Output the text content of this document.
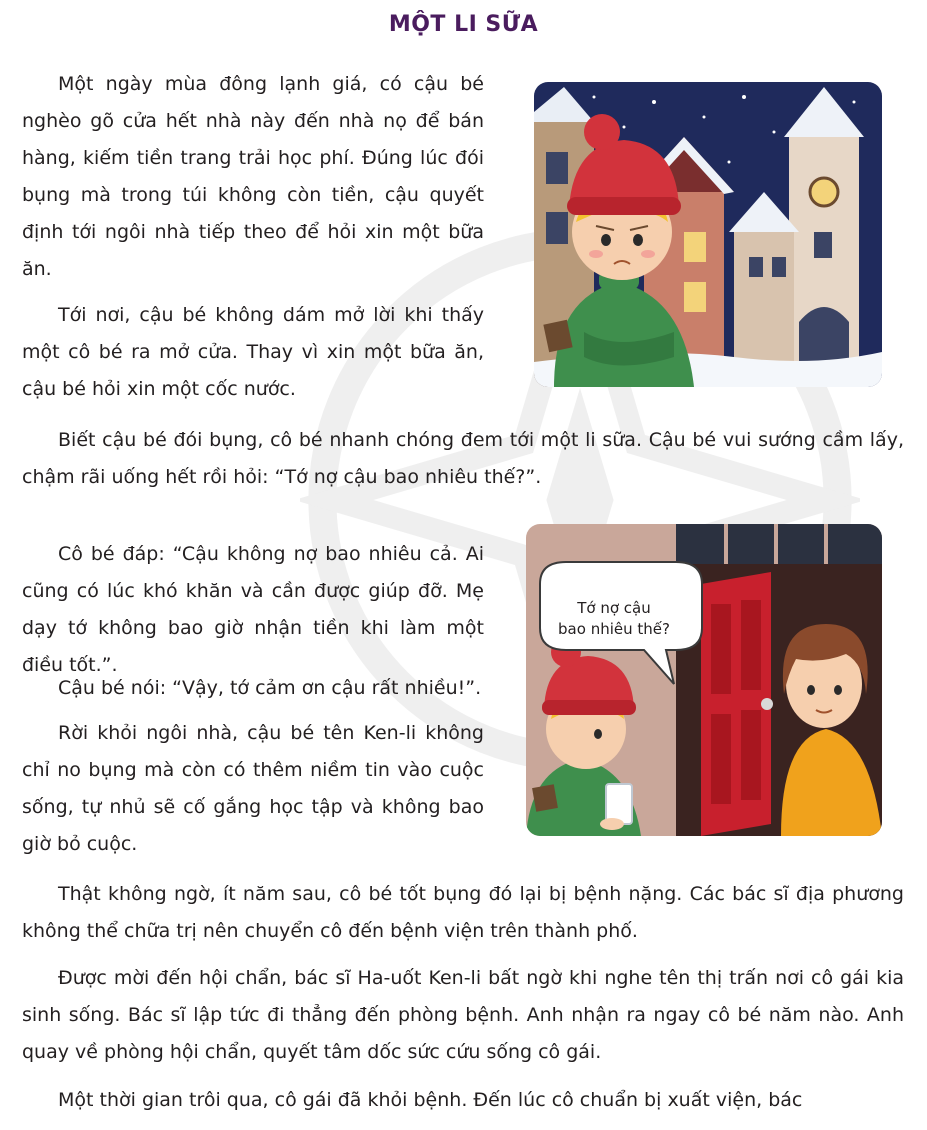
MỘT LI SỮA

Một ngày mùa đông lạnh giá, có cậu bé nghèo gõ cửa hết nhà này đến nhà nọ để bán hàng, kiếm tiền trang trải học phí. Đúng lúc đói bụng mà trong túi không còn tiền, cậu quyết định tới ngôi nhà tiếp theo để hỏi xin một bữa ăn.

Tới nơi, cậu bé không dám mở lời khi thấy một cô bé ra mở cửa. Thay vì xin một bữa ăn, cậu bé hỏi xin một cốc nước.

Biết cậu bé đói bụng, cô bé nhanh chóng đem tới một li sữa. Cậu bé vui sướng cầm lấy, chậm rãi uống hết rồi hỏi: “Tớ nợ cậu bao nhiêu thế?”.

Cô bé đáp: “Cậu không nợ bao nhiêu cả. Ai cũng có lúc khó khăn và cần được giúp đỡ. Mẹ dạy tớ không bao giờ nhận tiền khi làm một điều tốt.”.

Cậu bé nói: “Vậy, tớ cảm ơn cậu rất nhiều!”.

Rời khỏi ngôi nhà, cậu bé tên Ken-li không chỉ no bụng mà còn có thêm niềm tin vào cuộc sống, tự nhủ sẽ cố gắng học tập và không bao giờ bỏ cuộc.

Thật không ngờ, ít năm sau, cô bé tốt bụng đó lại bị bệnh nặng. Các bác sĩ địa phương không thể chữa trị nên chuyển cô đến bệnh viện trên thành phố.

Được mời đến hội chẩn, bác sĩ Ha-uốt Ken-li bất ngờ khi nghe tên thị trấn nơi cô gái kia sinh sống. Bác sĩ lập tức đi thẳng đến phòng bệnh. Anh nhận ra ngay cô bé năm nào. Anh quay về phòng hội chẩn, quyết tâm dốc sức cứu sống cô gái.

Một thời gian trôi qua, cô gái đã khỏi bệnh. Đến lúc cô chuẩn bị xuất viện, bác

Tớ nợ cậu
bao nhiêu thế?
